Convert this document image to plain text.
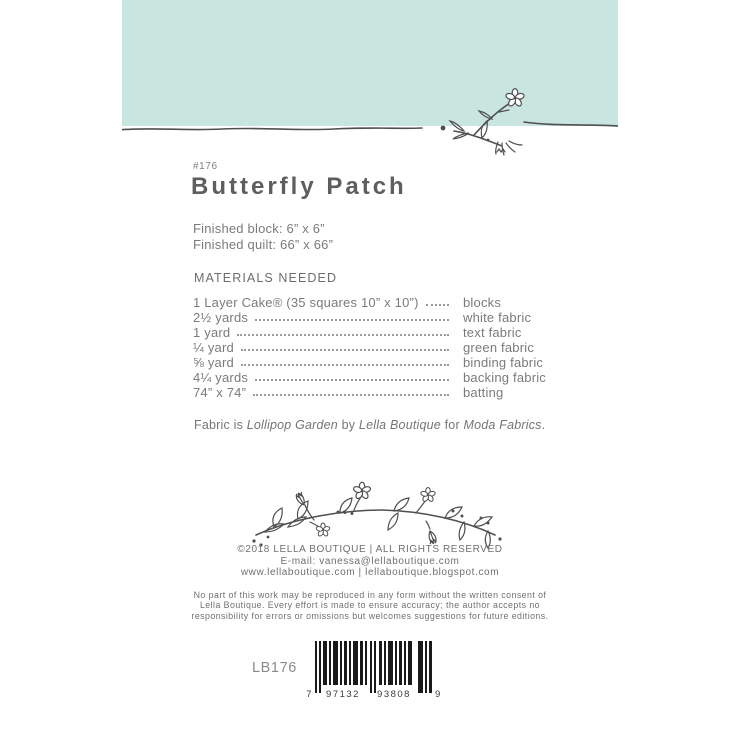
#176
Butterfly Patch
Finished block: 6” x 6”
Finished quilt: 66” x 66”
MATERIALS NEEDED
1 Layer Cake® (35 squares 10” x 10”)	blocks
2½ yards	white fabric
1 yard	text fabric
¼ yard	green fabric
⅝ yard	binding fabric
4¼ yards	backing fabric
74” x 74”	batting

Fabric is Lollipop Garden by Lella Boutique for Moda Fabrics.

©2018 LELLA BOUTIQUE | ALL RIGHTS RESERVED
E-mail: vanessa@lellaboutique.com
www.lellaboutique.com | lellaboutique.blogspot.com

No part of this work may be reproduced in any form without the written consent of Lella Boutique. Every effort is made to ensure accuracy; the author accepts no responsibility for errors or omissions but welcomes suggestions for future editions.

LB176
7 97132 93808	9
